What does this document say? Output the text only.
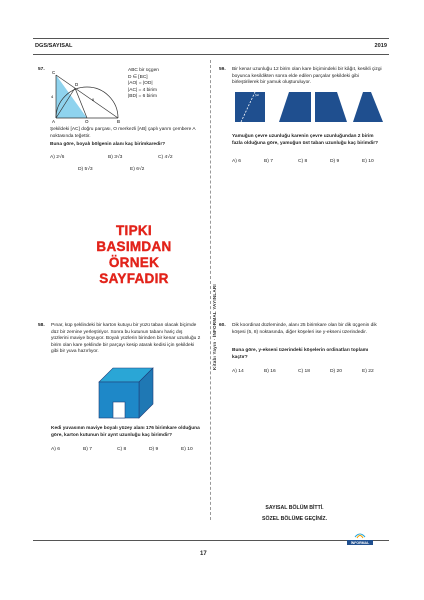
DGS/SAYISAL	2019
Kitabı Yayın · İNFORMAL YAYINLARI
57.
C
D
A	O	B
4
6
ABC bir üçgen
D ∈ [BC]
|AO| = |OD|
|AC| = 4 birim
|BD| = 6 birim
Şekildeki [AC] doğru parçası, O merkezli [AB] çaplı yarım çembere A noktasında teğettir.
Buna göre, boyalı bölgenin alanı kaç birimkaredir?
A) 2√6	B) 3√3	C) 4√2
D) 5√3	E) 6√2
TIPKI BASIMDAN
ÖRNEK SAYFADIR
58. Pınar, küp şeklindeki bir karton kutuyu bir yüzü taban olacak biçimde düz bir zemine yerleştiriyor. Sonra bu kutunun tabanı hariç dış yüzlerini maviye boyuyor. Boyalı yüzlerin birinden bir kenar uzunluğu 2 birim olan kare şeklinde bir parçayı kesip atarak kedisi için şekildeki gibi bir yuva hazırlıyor.
Kedi yuvasının maviye boyalı yüzey alanı 176 birimkare olduğuna göre, karton kutunun bir ayrıt uzunluğu kaç birimdir?
A) 6	B) 7	C) 8	D) 9	E) 10
59. Bir kenar uzunluğu 12 birim olan kare biçimindeki bir kâğıt, kesikli çizgi boyunca kesildikten sonra elde edilen parçalar şekildeki gibi birleştirilerek bir yamuk oluşturuluyor.
✂
Yamuğun çevre uzunluğu karenin çevre uzunluğundan 2 birim fazla olduğuna göre, yamuğun üst taban uzunluğu kaç birimdir?
A) 6	B) 7	C) 8	D) 9	E) 10
60. Dik koordinat düzleminde, alanı 25 birimkare olan bir dik üçgenin dik köşesi (5, 8) noktasında, diğer köşeleri ise y-ekseni üzerindedir.
Buna göre, y-ekseni üzerindeki köşelerin ordinatları toplamı kaçtır?
A) 14	B) 16	C) 18	D) 20	E) 22
SAYISAL BÖLÜM BİTTİ.
SÖZEL BÖLÜME GEÇİNİZ.
17
İNFORMAL
